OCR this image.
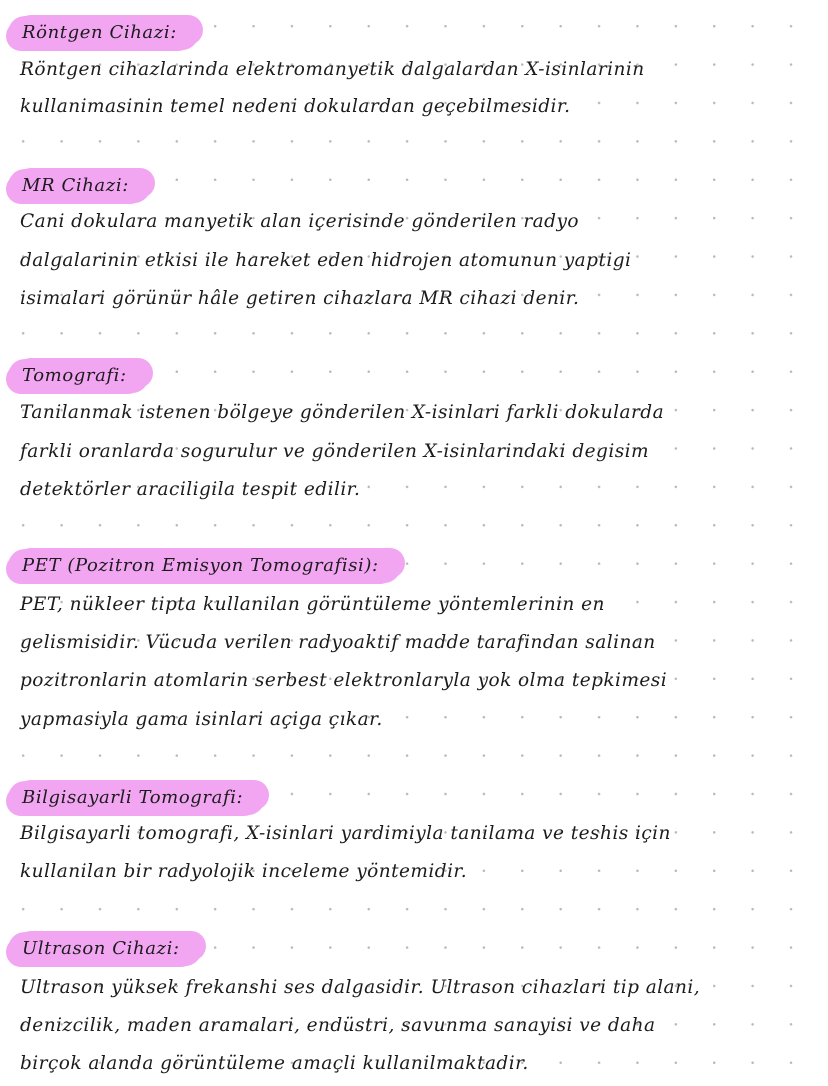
Röntgen Cihazi:
Röntgen cihazlarinda elektromanyetik dalgalardan X-isinlarinin
kullanimasinin temel nedeni dokulardan geçebilmesidir.
MR Cihazi:
Cani dokulara manyetik alan içerisinde gönderilen radyo
dalgalarinin etkisi ile hareket eden hidrojen atomunun yaptigi
isimalari görünür hâle getiren cihazlara MR cihazi denir.
Tomografi:
Tanilanmak istenen bölgeye gönderilen X-isinlari farkli dokularda
farkli oranlarda sogurulur ve gönderilen X-isinlarindaki degisim
detektörler araciligila tespit edilir.
PET (Pozitron Emisyon Tomografisi):
PET, nükleer tipta kullanilan görüntüleme yöntemlerinin en
gelismisidir. Vücuda verilen radyoaktif madde tarafindan salinan
pozitronlarin atomlarin serbest elektronlaryla yok olma tepkimesi
yapmasiyla gama isinlari açiga çıkar.
Bilgisayarli Tomografi:
Bilgisayarli tomografi, X-isinlari yardimiyla tanilama ve teshis için
kullanilan bir radyolojik inceleme yöntemidir.
Ultrason Cihazi:
Ultrason yüksek frekanshi ses dalgasidir. Ultrason cihazlari tip alani,
denizcilik, maden aramalari, endüstri, savunma sanayisi ve daha
birçok alanda görüntüleme amaçli kullanilmaktadir.
